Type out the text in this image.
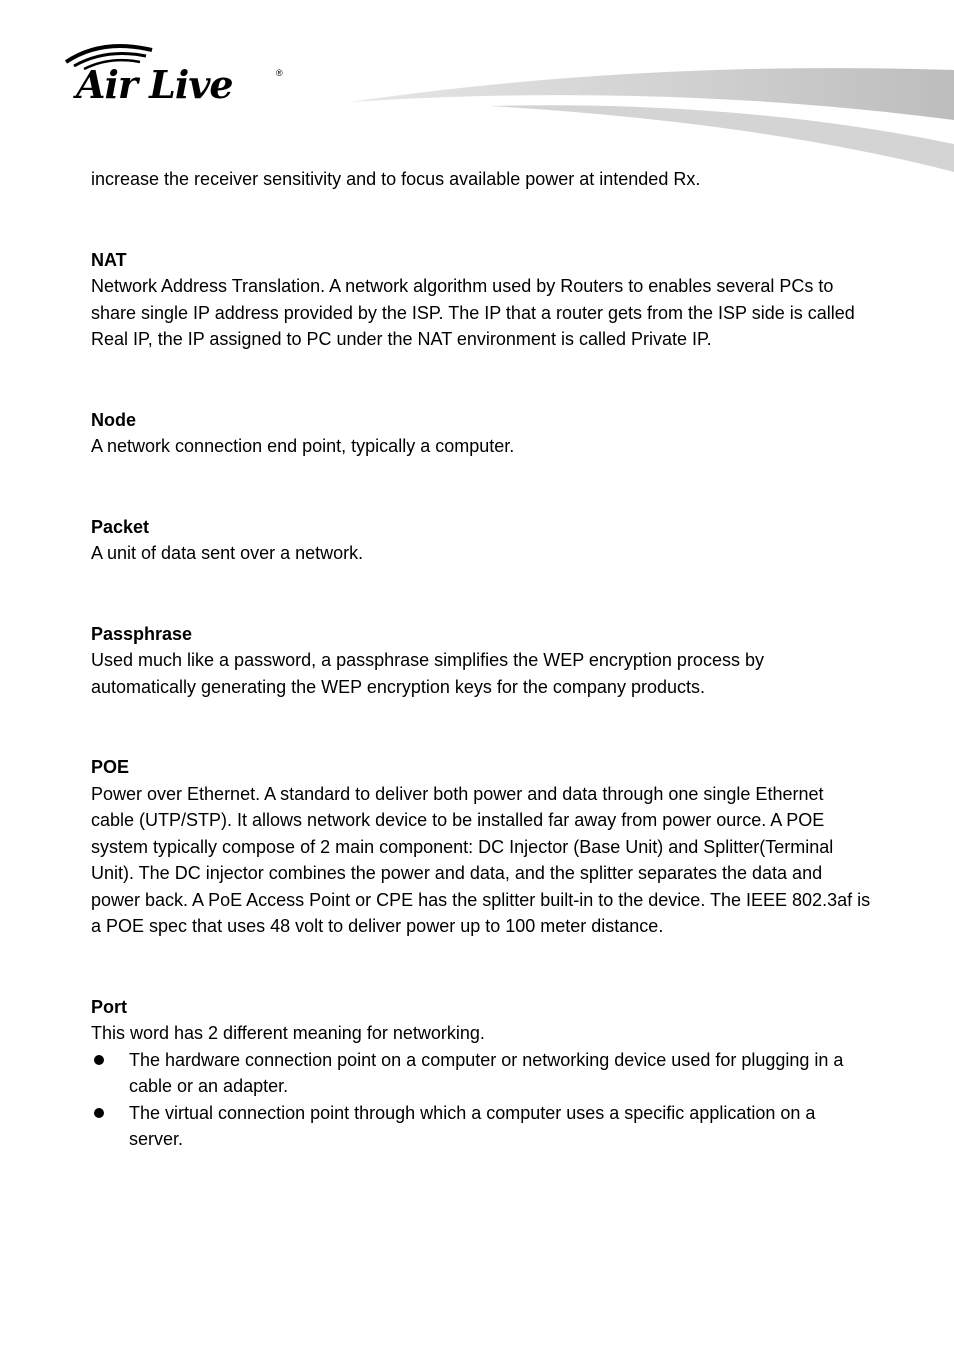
Air Live	®

increase the receiver sensitivity and to focus available power at intended Rx.

NAT

Network Address Translation. A network algorithm used by Routers to enables several PCs to share single IP address provided by the ISP. The IP that a router gets from the ISP side is called Real IP, the IP assigned to PC under the NAT environment is called Private IP.

Node

A network connection end point, typically a computer.

Packet

A unit of data sent over a network.

Passphrase

Used much like a password, a passphrase simplifies the WEP encryption process by automatically generating the WEP encryption keys for the company products.

POE

Power over Ethernet. A standard to deliver both power and data through one single Ethernet cable (UTP/STP). It allows network device to be installed far away from power ource. A POE system typically compose of 2 main component: DC Injector (Base Unit) and Splitter(Terminal Unit). The DC injector combines the power and data, and the splitter separates the data and power back. A PoE Access Point or CPE has the splitter built-in to the device. The IEEE 802.3af is a POE spec that uses 48 volt to deliver power up to 100 meter distance.

Port

This word has 2 different meaning for networking.

The hardware connection point on a computer or networking device used for plugging in a cable or an adapter.
The virtual connection point through which a computer uses a specific application on a server.
